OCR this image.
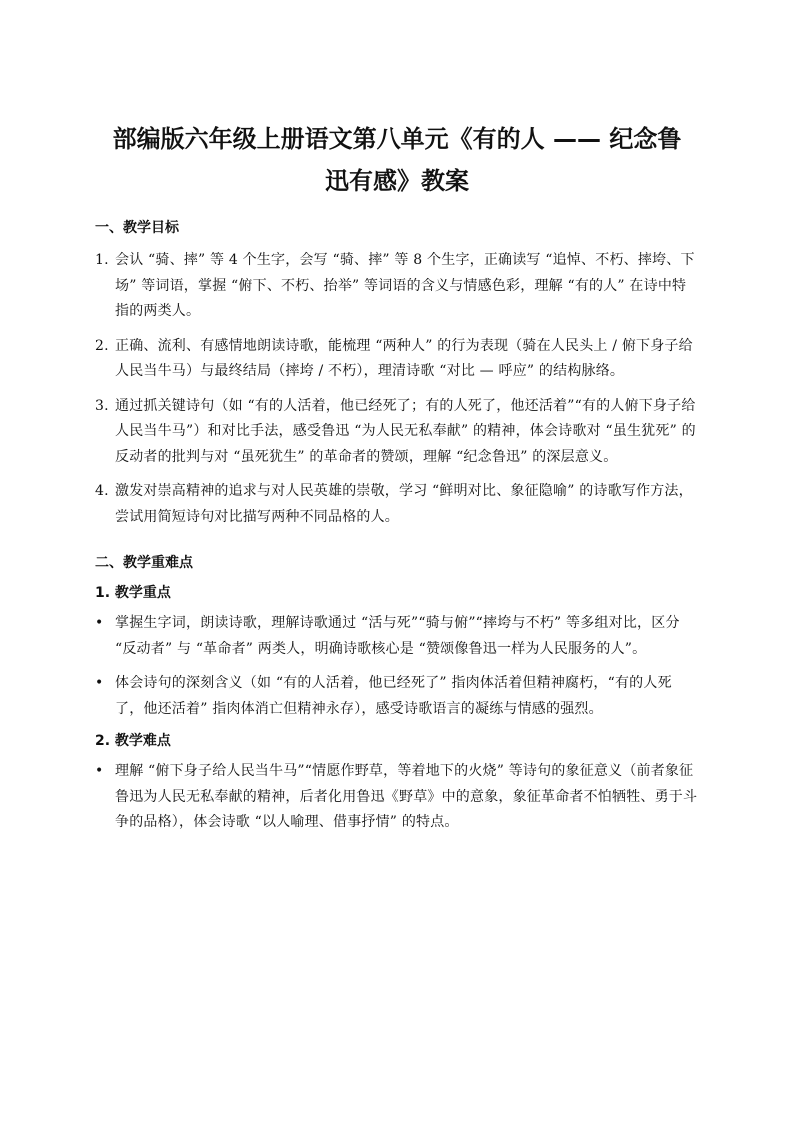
部编版六年级上册语文第八单元《有的人 —— 纪念鲁
迅有感》教案
一、教学目标
1. 会认 “骑、摔” 等 4 个生字，会写 “骑、摔” 等 8 个生字，正确读写 “追悼、不朽、摔垮、下场” 等词语，掌握 “俯下、不朽、抬举” 等词语的含义与情感色彩，理解 “有的人” 在诗中特指的两类人。
2. 正确、流利、有感情地朗读诗歌，能梳理 “两种人” 的行为表现（骑在人民头上 / 俯下身子给人民当牛马）与最终结局（摔垮 / 不朽），理清诗歌 “对比 — 呼应” 的结构脉络。
3. 通过抓关键诗句（如 “有的人活着，他已经死了；有的人死了，他还活着”“有的人俯下身子给人民当牛马”）和对比手法，感受鲁迅 “为人民无私奉献” 的精神，体会诗歌对 “虽生犹死” 的反动者的批判与对 “虽死犹生” 的革命者的赞颂，理解 “纪念鲁迅” 的深层意义。
4. 激发对崇高精神的追求与对人民英雄的崇敬，学习 “鲜明对比、象征隐喻” 的诗歌写作方法，尝试用简短诗句对比描写两种不同品格的人。
二、教学重难点
1. 教学重点
• 掌握生字词，朗读诗歌，理解诗歌通过 “活与死”“骑与俯”“摔垮与不朽” 等多组对比，区分 “反动者” 与 “革命者” 两类人，明确诗歌核心是 “赞颂像鲁迅一样为人民服务的人”。
• 体会诗句的深刻含义（如 “有的人活着，他已经死了” 指肉体活着但精神腐朽，“有的人死了，他还活着” 指肉体消亡但精神永存），感受诗歌语言的凝练与情感的强烈。
2. 教学难点
• 理解 “俯下身子给人民当牛马”“情愿作野草，等着地下的火烧” 等诗句的象征意义（前者象征鲁迅为人民无私奉献的精神，后者化用鲁迅《野草》中的意象，象征革命者不怕牺牲、勇于斗争的品格），体会诗歌 “以人喻理、借事抒情” 的特点。
